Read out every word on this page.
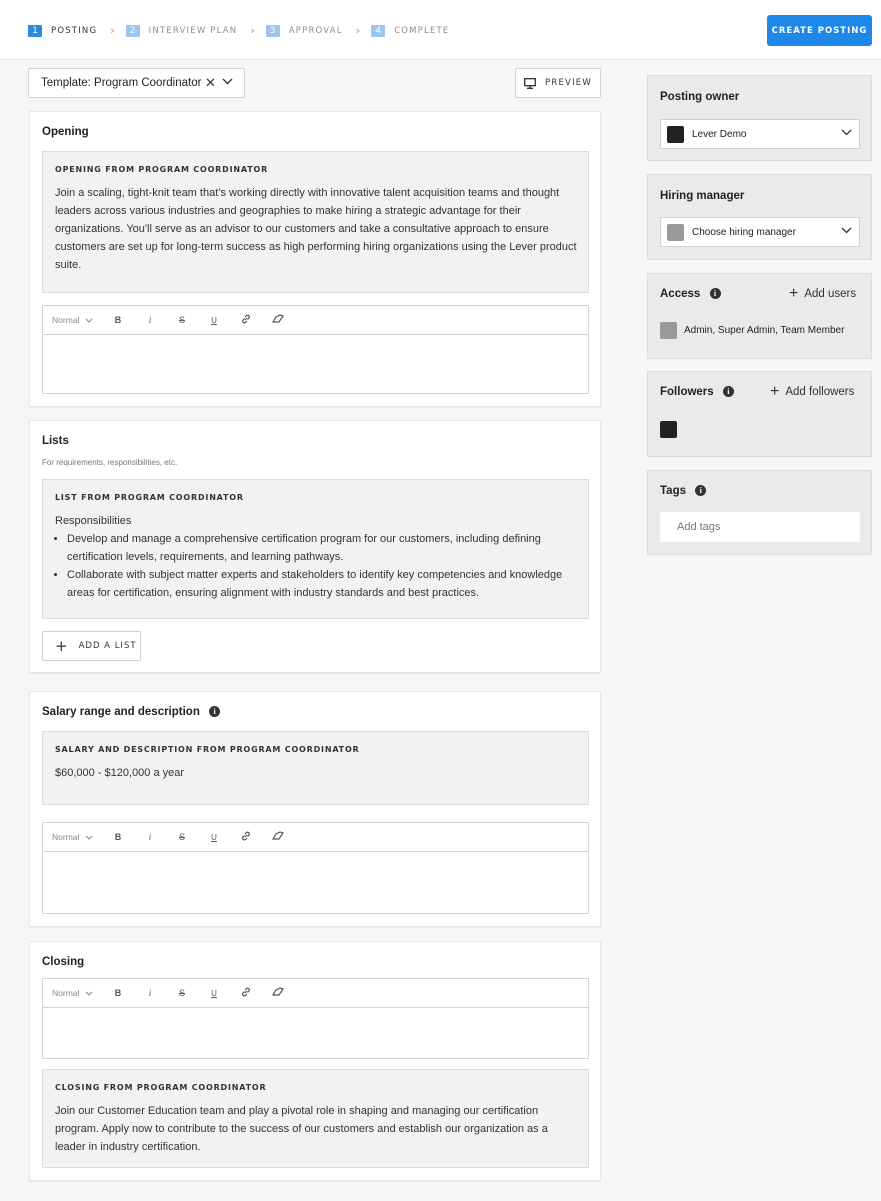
1	POSTING ›	2	INTERVIEW PLAN ›	3	APPROVAL ›	4	COMPLETE	CREATE POSTING
Template: Program Coordinator ✕	PREVIEW
Opening
OPENING FROM PROGRAM COORDINATOR
Join a scaling, tight-knit team that’s working directly with innovative talent acquisition teams and thought leaders across various industries and geographies to make hiring a strategic advantage for their organizations. You'll serve as an advisor to our customers and take a consultative approach to ensure customers are set up for long-term success as high performing hiring organizations using the Lever product suite.
Normal	B	i	S	U
Lists
For requirements, responsibilities, etc.
LIST FROM PROGRAM COORDINATOR
Responsibilities
• Develop and manage a comprehensive certification program for our customers, including defining certification levels, requirements, and learning pathways.
• Collaborate with subject matter experts and stakeholders to identify key competencies and knowledge areas for certification, ensuring alignment with industry standards and best practices.
+ ADD A LIST
Salary range and description i
SALARY AND DESCRIPTION FROM PROGRAM COORDINATOR
$60,000 - $120,000 a year
Normal	B	i	S	U
Closing
Normal	B	i	S	U
CLOSING FROM PROGRAM COORDINATOR
Join our Customer Education team and play a pivotal role in shaping and managing our certification program. Apply now to contribute to the success of our customers and establish our organization as a leader in industry certification.
Posting owner
Lever Demo
Hiring manager
Choose hiring manager
Access i	+ Add users
Admin, Super Admin, Team Member
Followers i	+ Add followers
Tags i
Add tags
